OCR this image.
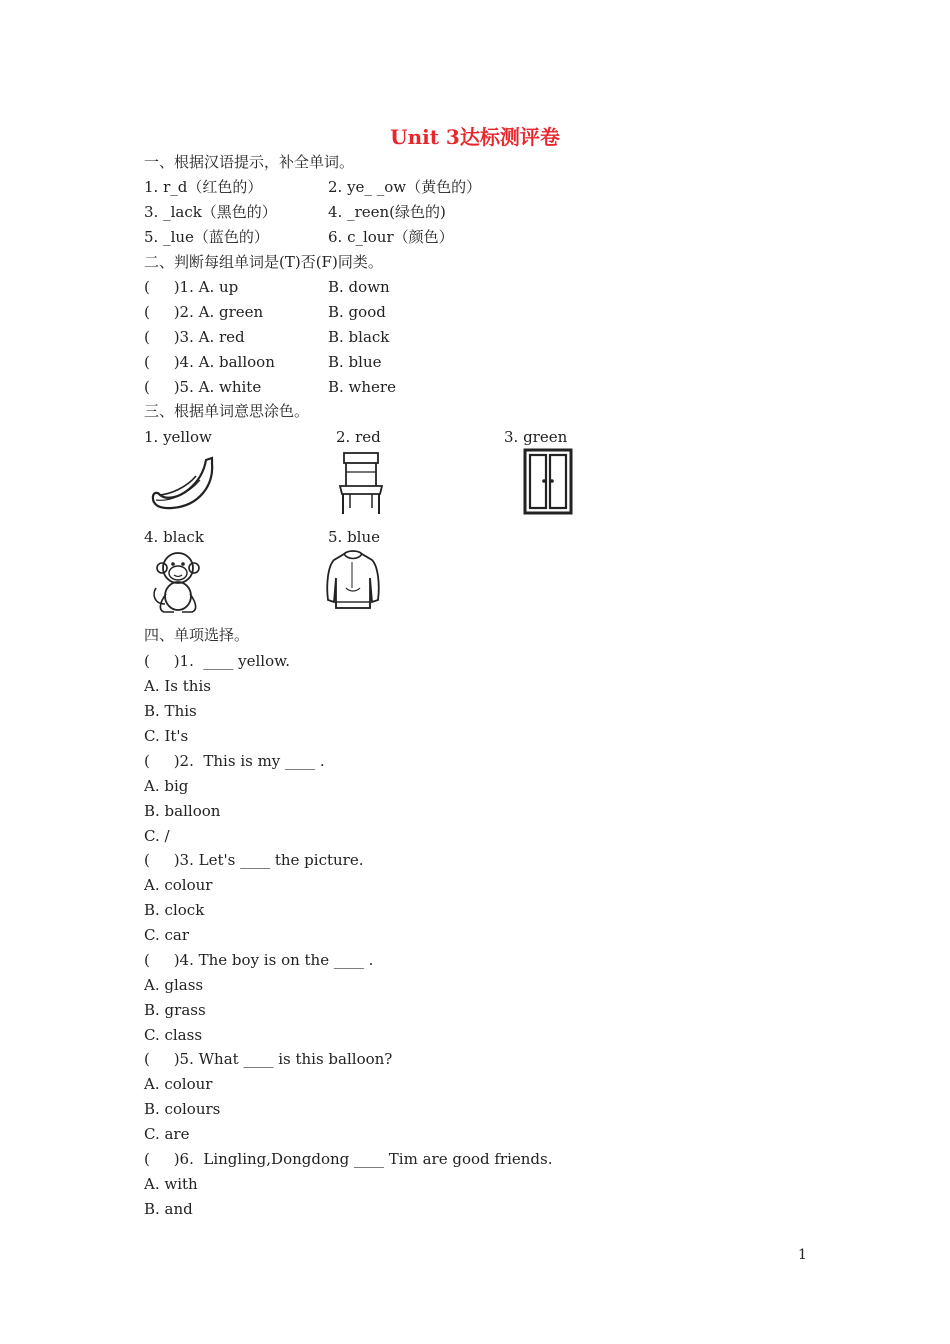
Unit 3达标测评卷
一、根据汉语提示，补全单词。
1. r_d（红色的）	2. ye_ _ow（黄色的）
3. _lack（黑色的）	4. _reen(绿色的)
5. _lue（蓝色的）	6. c_lour（颜色）
二、判断每组单词是(T)否(F)同类。
(     )1. A. up	B. down
(     )2. A. green	B. good
(     )3. A. red	B. black
(     )4. A. balloon	B. blue
(     )5. A. white	B. where
三、根据单词意思涂色。
1. yellow	2. red	3. green
4. black	5. blue
四、单项选择。
(     )1.  ____ yellow.
A. Is this
B. This
C. It's
(     )2.  This is my ____ .
A. big
B. balloon
C. /
(     )3. Let's ____ the picture.
A. colour
B. clock
C. car
(     )4. The boy is on the ____ .
A. glass
B. grass
C. class
(     )5. What ____ is this balloon?
A. colour
B. colours
C. are
(     )6.  Lingling,Dongdong ____ Tim are good friends.
A. with
B. and
1
